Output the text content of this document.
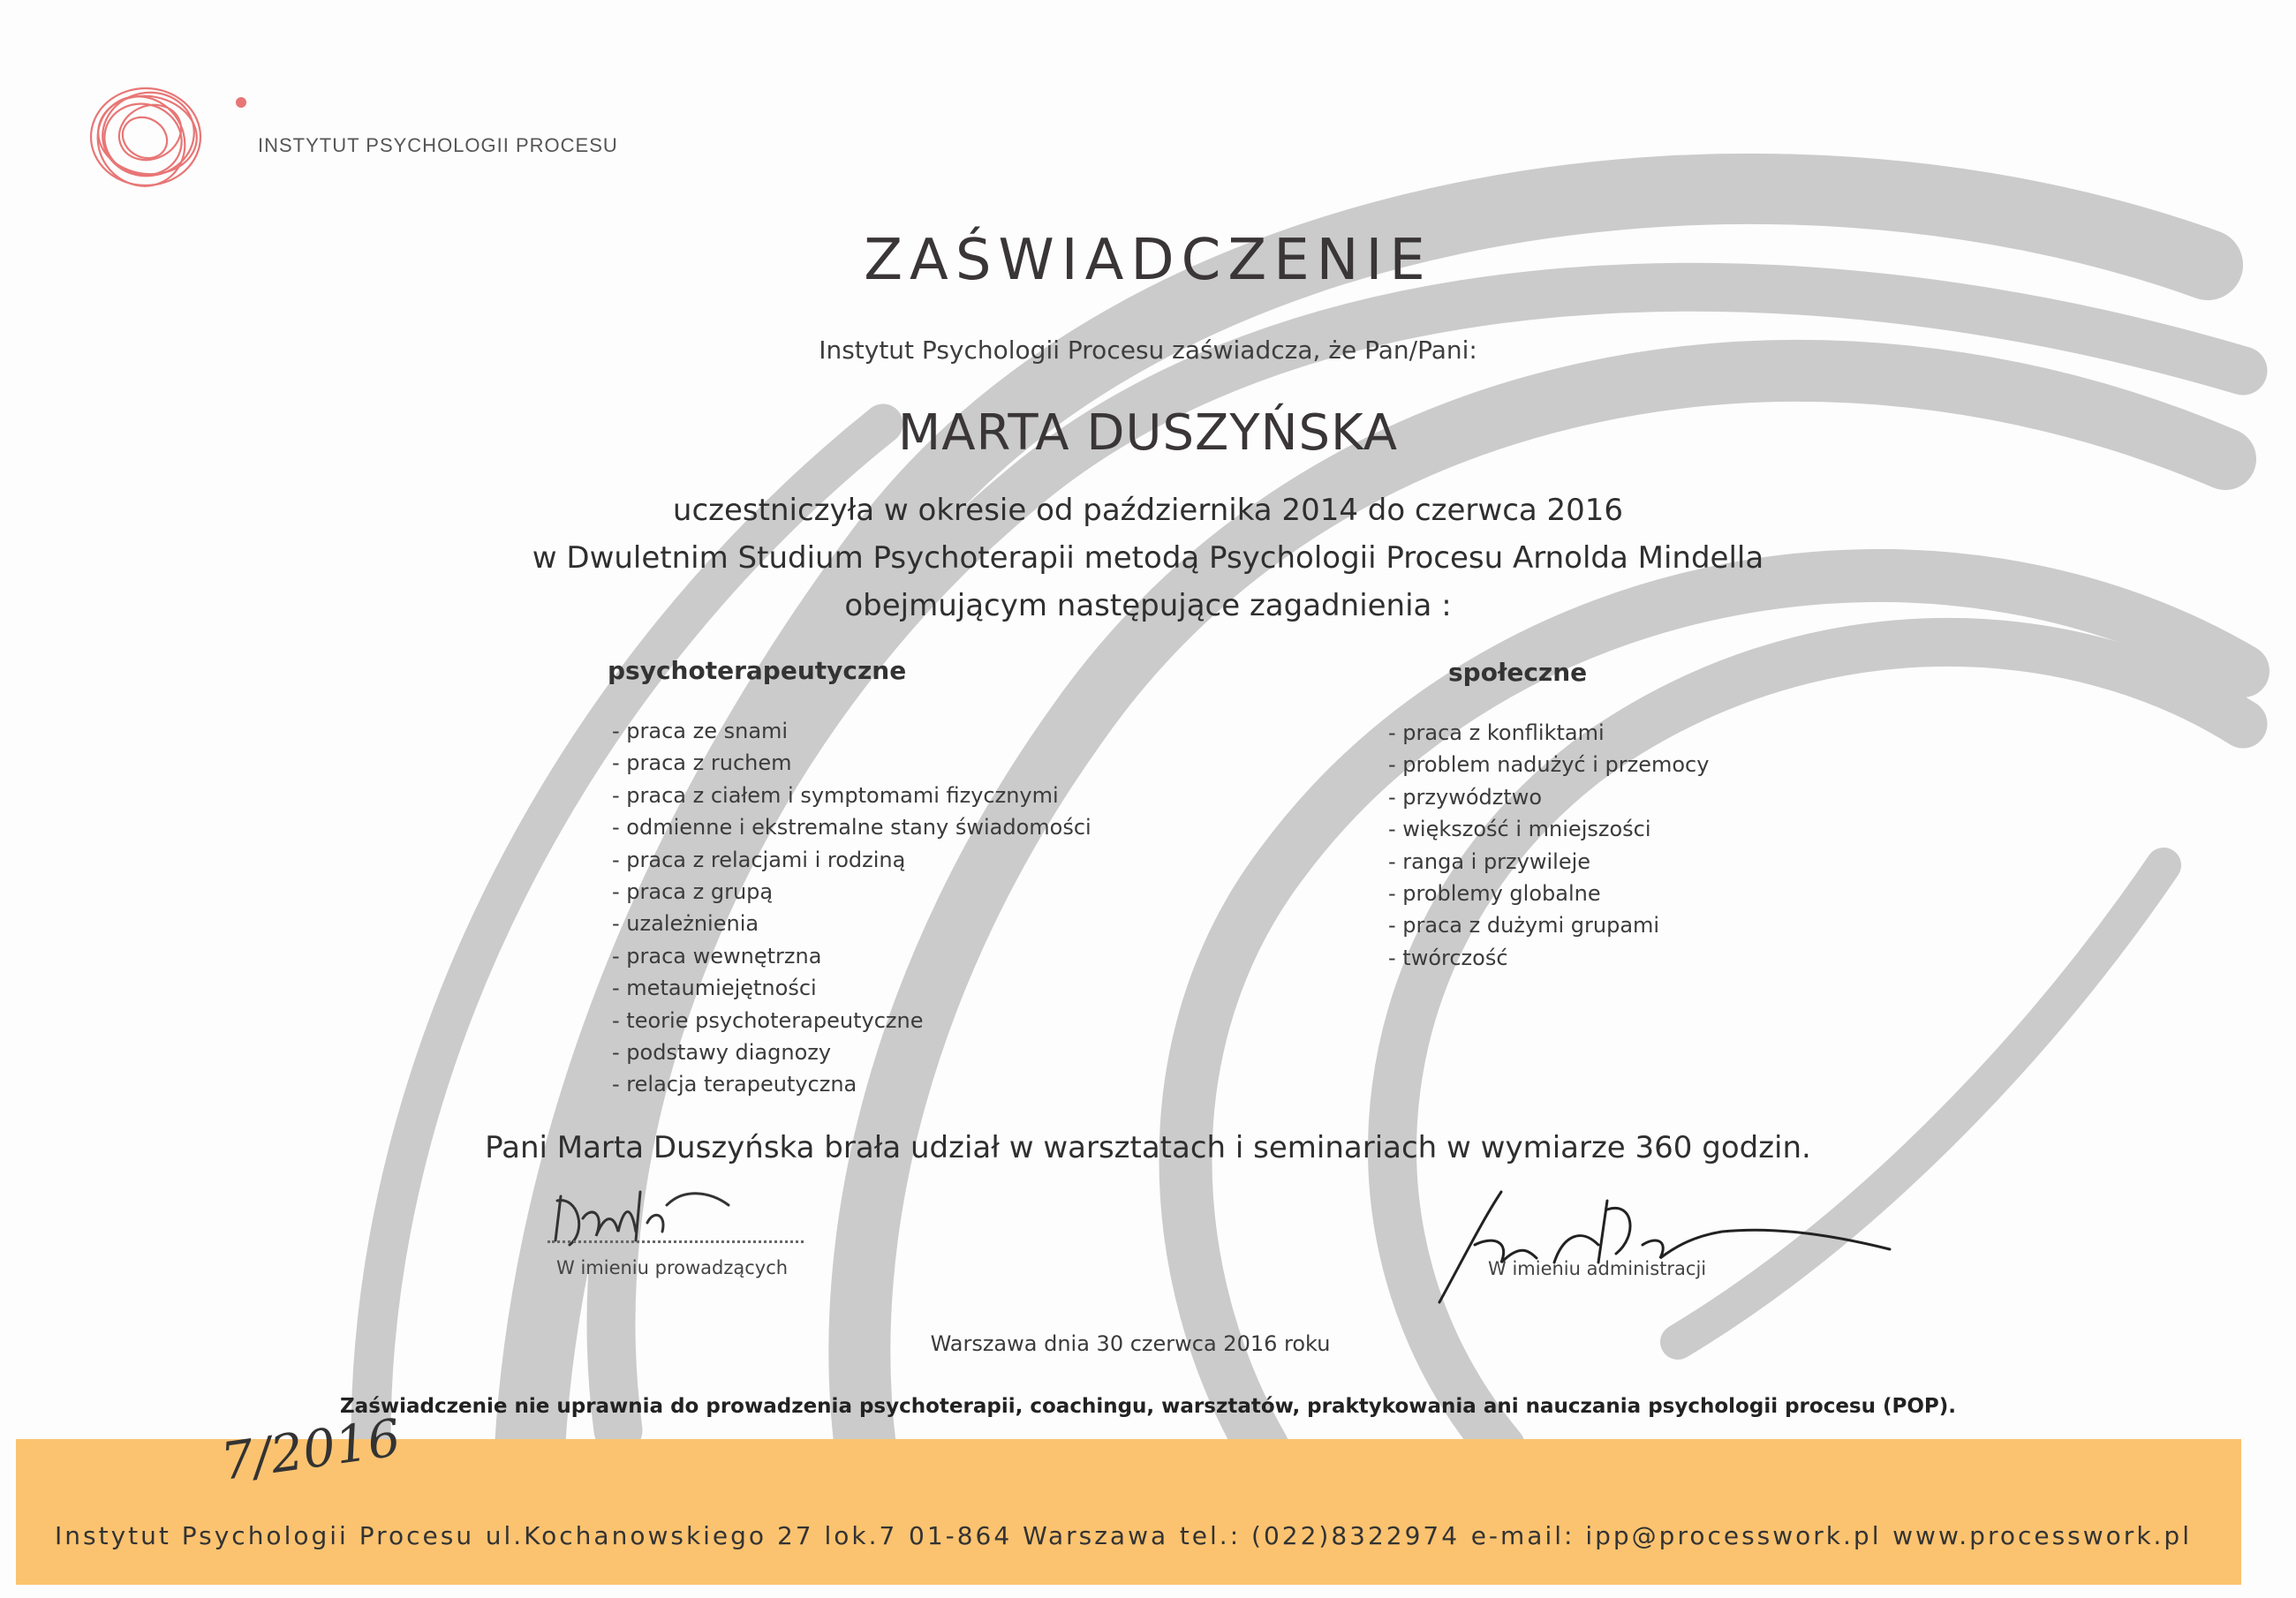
INSTYTUT PSYCHOLOGII PROCESU
ZAŚWIADCZENIE
Instytut Psychologii Procesu zaświadcza, że Pan/Pani:
MARTA DUSZYŃSKA
uczestniczyła w okresie od października 2014 do czerwca 2016
w Dwuletnim Studium Psychoterapii metodą Psychologii Procesu Arnolda Mindella
obejmującym następujące zagadnienia :
psychoterapeutyczne
- praca ze snami
- praca z ruchem
- praca z ciałem i symptomami fizycznymi
- odmienne i ekstremalne stany świadomości
- praca z relacjami i rodziną
- praca z grupą
- uzależnienia
- praca wewnętrzna
- metaumiejętności
- teorie psychoterapeutyczne
- podstawy diagnozy
- relacja terapeutyczna
społeczne
- praca z konfliktami
- problem nadużyć i przemocy
- przywództwo
- większość i mniejszości
- ranga i przywileje
- problemy globalne
- praca z dużymi grupami
- twórczość
Pani Marta Duszyńska brała udział w warsztatach i seminariach w wymiarze 360 godzin.
W imieniu prowadzących	W imieniu administracji
Warszawa dnia 30 czerwca 2016 roku
Zaświadczenie nie uprawnia do prowadzenia psychoterapii, coachingu, warsztatów, praktykowania ani nauczania psychologii procesu (POP).
7/2016
Instytut Psychologii Procesu ul.Kochanowskiego 27 lok.7 01-864 Warszawa tel.: (022)8322974 e-mail: ipp@processwork.pl www.processwork.pl
